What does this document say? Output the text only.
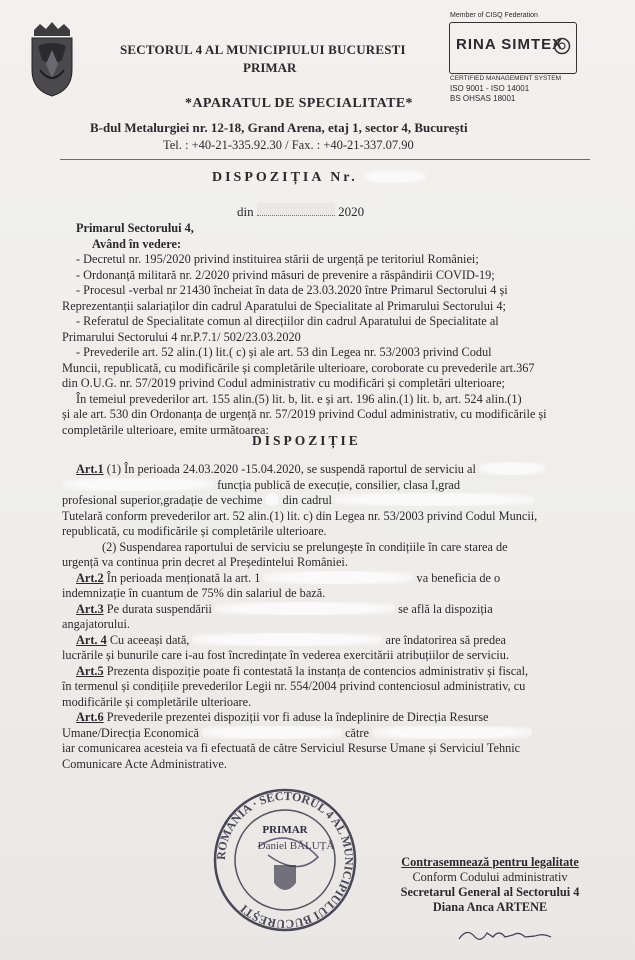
SECTORUL 4 AL MUNICIPIULUI BUCURESTI
PRIMAR
Member of CISQ Federation
RINA SIMTEX
CERTIFIED MANAGEMENT SYSTEM
ISO 9001 - ISO 14001
BS OHSAS 18001
*APARATUL DE SPECIALITATE*
B-dul Metalurgiei nr. 12-18, Grand Arena, etaj 1, sector 4, București
Tel. : +40-21-335.92.30 / Fax. : +40-21-337.07.90
DISPOZIȚIA Nr.
din	2020
Primarul Sectorului 4,
Având în vedere:
- Decretul nr. 195/2020 privind instituirea stării de urgență pe teritoriul României;
- Ordonanță militară nr. 2/2020 privind măsuri de prevenire a răspândirii COVID-19;
- Procesul -verbal nr 21430 încheiat în data de 23.03.2020 între Primarul Sectorului 4 și
Reprezentanții salariaților din cadrul Aparatului de Specialitate al Primarului Sectorului 4;
- Referatul de Specialitate comun al direcțiilor din cadrul Aparatului de Specialitate al
Primarului Sectorului 4 nr.P.7.1/ 502/23.03.2020
- Prevederile art. 52 alin.(1) lit.( c) și ale art. 53 din Legea nr. 53/2003 privind Codul
Muncii, republicată, cu modificările și completările ulterioare, coroborate cu prevederile art.367
din O.U.G. nr. 57/2019 privind Codul administrativ cu modificări și completări ulterioare;
În temeiul prevederilor art. 155 alin.(5) lit. b, lit. e și art. 196 alin.(1) lit. b, art. 524 alin.(1)
și ale art. 530 din Ordonanța de urgență nr. 57/2019 privind Codul administrativ, cu modificările și
completările ulterioare, emite următoarea:
DISPOZIȚIE
Art.1 (1) În perioada 24.03.2020 -15.04.2020, se suspendă raportul de serviciu al
funcția publică de execuție, consilier, clasa I,grad
profesional superior,gradație de vechime din cadrul
Tutelară conform prevederilor art. 52 alin.(1) lit. c) din Legea nr. 53/2003 privind Codul Muncii,
republicată, cu modificările și completările ulterioare.
(2) Suspendarea raportului de serviciu se prelungește în condițiile în care starea de
urgență va continua prin decret al Președintelui României.
Art.2 În perioada menționată la art. 1	va beneficia de o
indemnizație în cuantum de 75% din salariul de bază.
Art.3 Pe durata suspendării	se află la dispoziția
angajatorului.
Art. 4 Cu aceeași dată,	are îndatorirea să predea
lucrările și bunurile care i-au fost încredințate în vederea exercitării atribuțiilor de serviciu.
Art.5 Prezenta dispoziție poate fi contestată la instanța de contencios administrativ și fiscal,
în termenul și condițiile prevederilor Legii nr. 554/2004 privind contenciosul administrativ, cu
modificările și completările ulterioare.
Art.6 Prevederile prezentei dispoziții vor fi aduse la îndeplinire de Direcția Resurse
Umane/Direcția Economică	către
iar comunicarea acesteia va fi efectuată de către Serviciul Resurse Umane și Serviciul Tehnic
Comunicare Acte Administrative.
ROMÂNIA · SECTORUL 4 AL MUNICIPIULUI BUCUREȘTI
PRIMAR
Daniel BĂLUȚĂ
Contrasemnează pentru legalitate
Conform Codului administrativ
Secretarul General al Sectorului 4
Diana Anca ARTENE
